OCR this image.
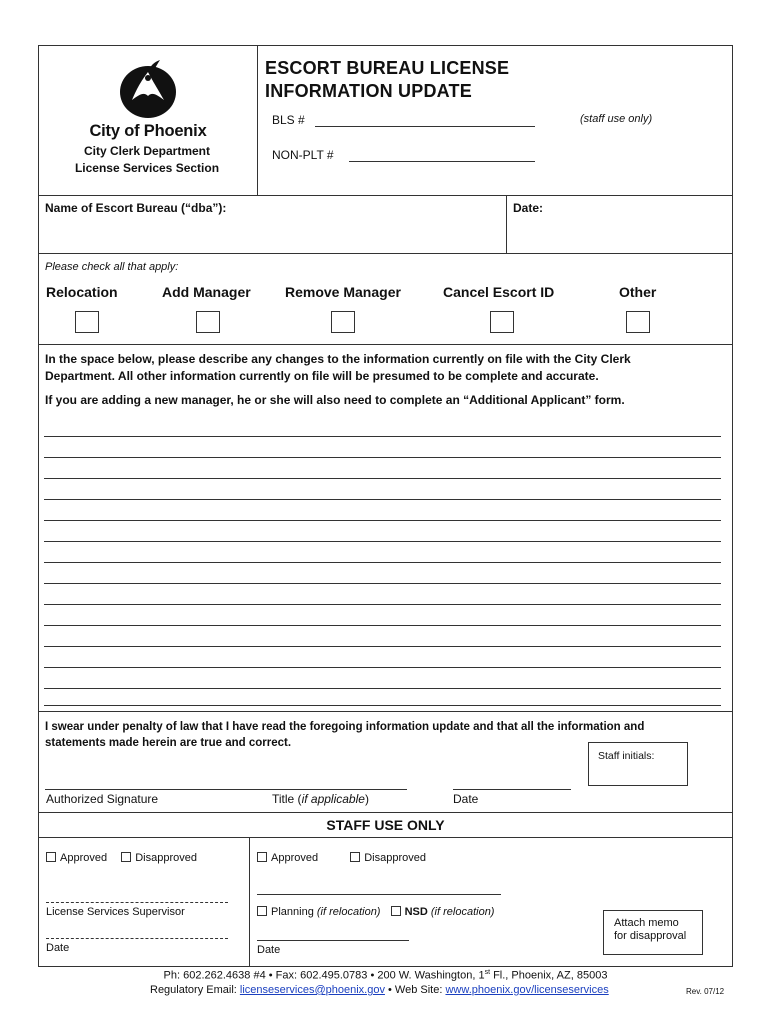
City of Phoenix
City Clerk Department
License Services Section
ESCORT BUREAU LICENSE
INFORMATION UPDATE
BLS #	(staff use only)
NON-PLT #
Name of Escort Bureau (“dba”):	Date:
Please check all that apply:
Relocation	Add Manager Remove Manager	Cancel Escort ID	Other
In the space below, please describe any changes to the information currently on file with the City Clerk
Department. All other information currently on file will be presumed to be complete and accurate.
If you are adding a new manager, he or she will also need to complete an “Additional Applicant” form.
I swear under penalty of law that I have read the foregoing information update and that all the information and
statements made herein are true and correct.
Staff initials:
Authorized Signature	Title (if applicable)	Date
STAFF USE ONLY
Approved	Disapproved
License Services Supervisor
Date
Approved	Disapproved
Planning (if relocation) NSD (if relocation)
Date
Attach memo
for disapproval
Ph: 602.262.4638 #4 • Fax: 602.495.0783 • 200 W. Washington, 1st Fl., Phoenix, AZ, 85003
Regulatory Email: licenseservices@phoenix.gov • Web Site: www.phoenix.gov/licenseservices	Rev. 07/12
